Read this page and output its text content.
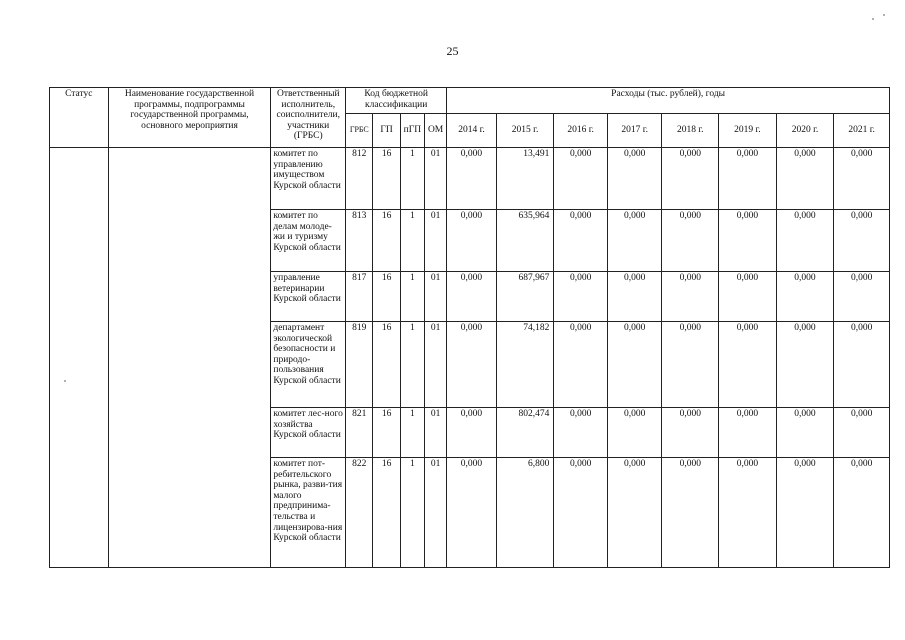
25
Статус	Наименование государственной программы, подпрограммы государственной программы, основного мероприятия	Ответственный исполнитель, соисполнители, участники (ГРБС)	Код бюджетной классификации				Расходы (тыс. рублей), годы							
			ГРБС	ГП	пГП	ОМ	2014 г.	2015 г.	2016 г.	2017 г.	2018 г.	2019 г.	2020 г.	2021 г.
		комитет по управлению имуществом Курской области	812	16	1	01	0,000	13,491	0,000	0,000	0,000	0,000	0,000	0,000
		комитет по делам молоде-жи и туризму Курской области	813	16	1	01	0,000	635,964	0,000	0,000	0,000	0,000	0,000	0,000
		управление ветеринарии Курской области	817	16	1	01	0,000	687,967	0,000	0,000	0,000	0,000	0,000	0,000
		департамент экологической безопасности и природо-пользования Курской области	819	16	1	01	0,000	74,182	0,000	0,000	0,000	0,000	0,000	0,000
		комитет лес-ного хозяйства Курской области	821	16	1	01	0,000	802,474	0,000	0,000	0,000	0,000	0,000	0,000
		комитет пот-ребительского рынка, разви-тия малого предпринима-тельства и лицензирова-ния Курской области	822	16	1	01	0,000	6,800	0,000	0,000	0,000	0,000	0,000	0,000
